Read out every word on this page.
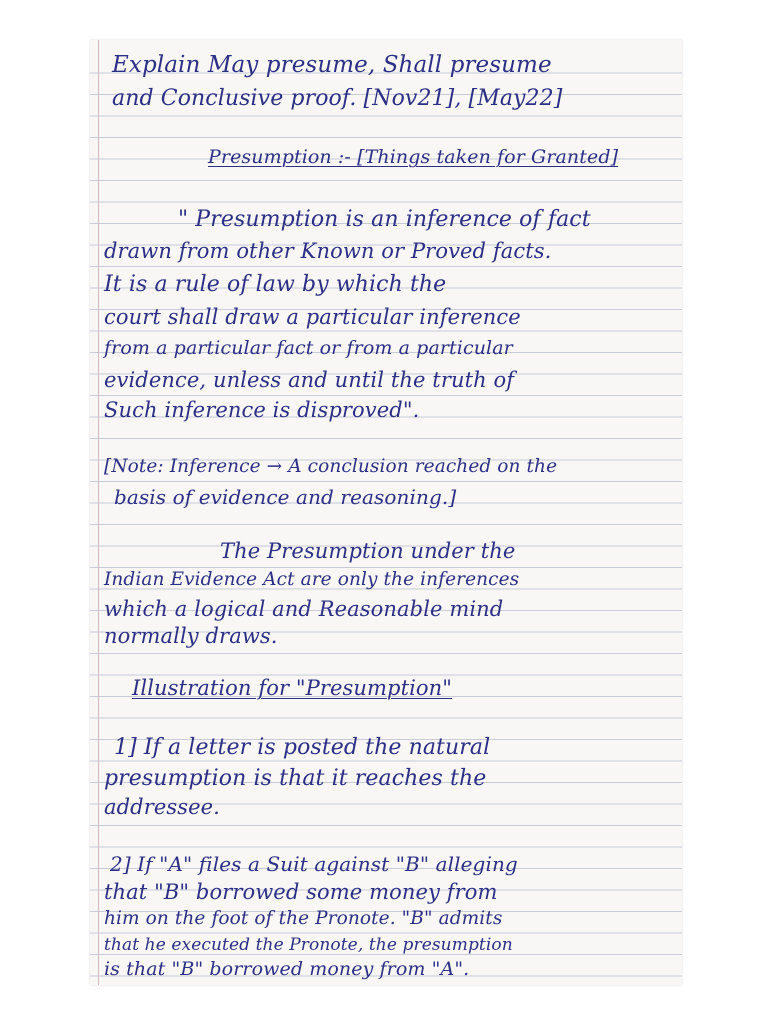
Explain May presume, Shall presume
and Conclusive proof. [Nov21], [May22]
Presumption :- [Things taken for Granted]
" Presumption is an inference of fact
drawn from other Known or Proved facts.
It is a rule of law by which the
court shall draw a particular inference
from a particular fact or from a particular
evidence, unless and until the truth of
Such inference is disproved".
[Note: Inference → A conclusion reached on the
basis of evidence and reasoning.]
The Presumption under the
Indian Evidence Act are only the inferences
which a logical and Reasonable mind
normally draws.
Illustration for "Presumption"
1] If a letter is posted the natural
presumption is that it reaches the
addressee.
2] If "A" files a Suit against "B" alleging
that "B" borrowed some money from
him on the foot of the Pronote. "B" admits
that he executed the Pronote, the presumption
is that "B" borrowed money from "A".
